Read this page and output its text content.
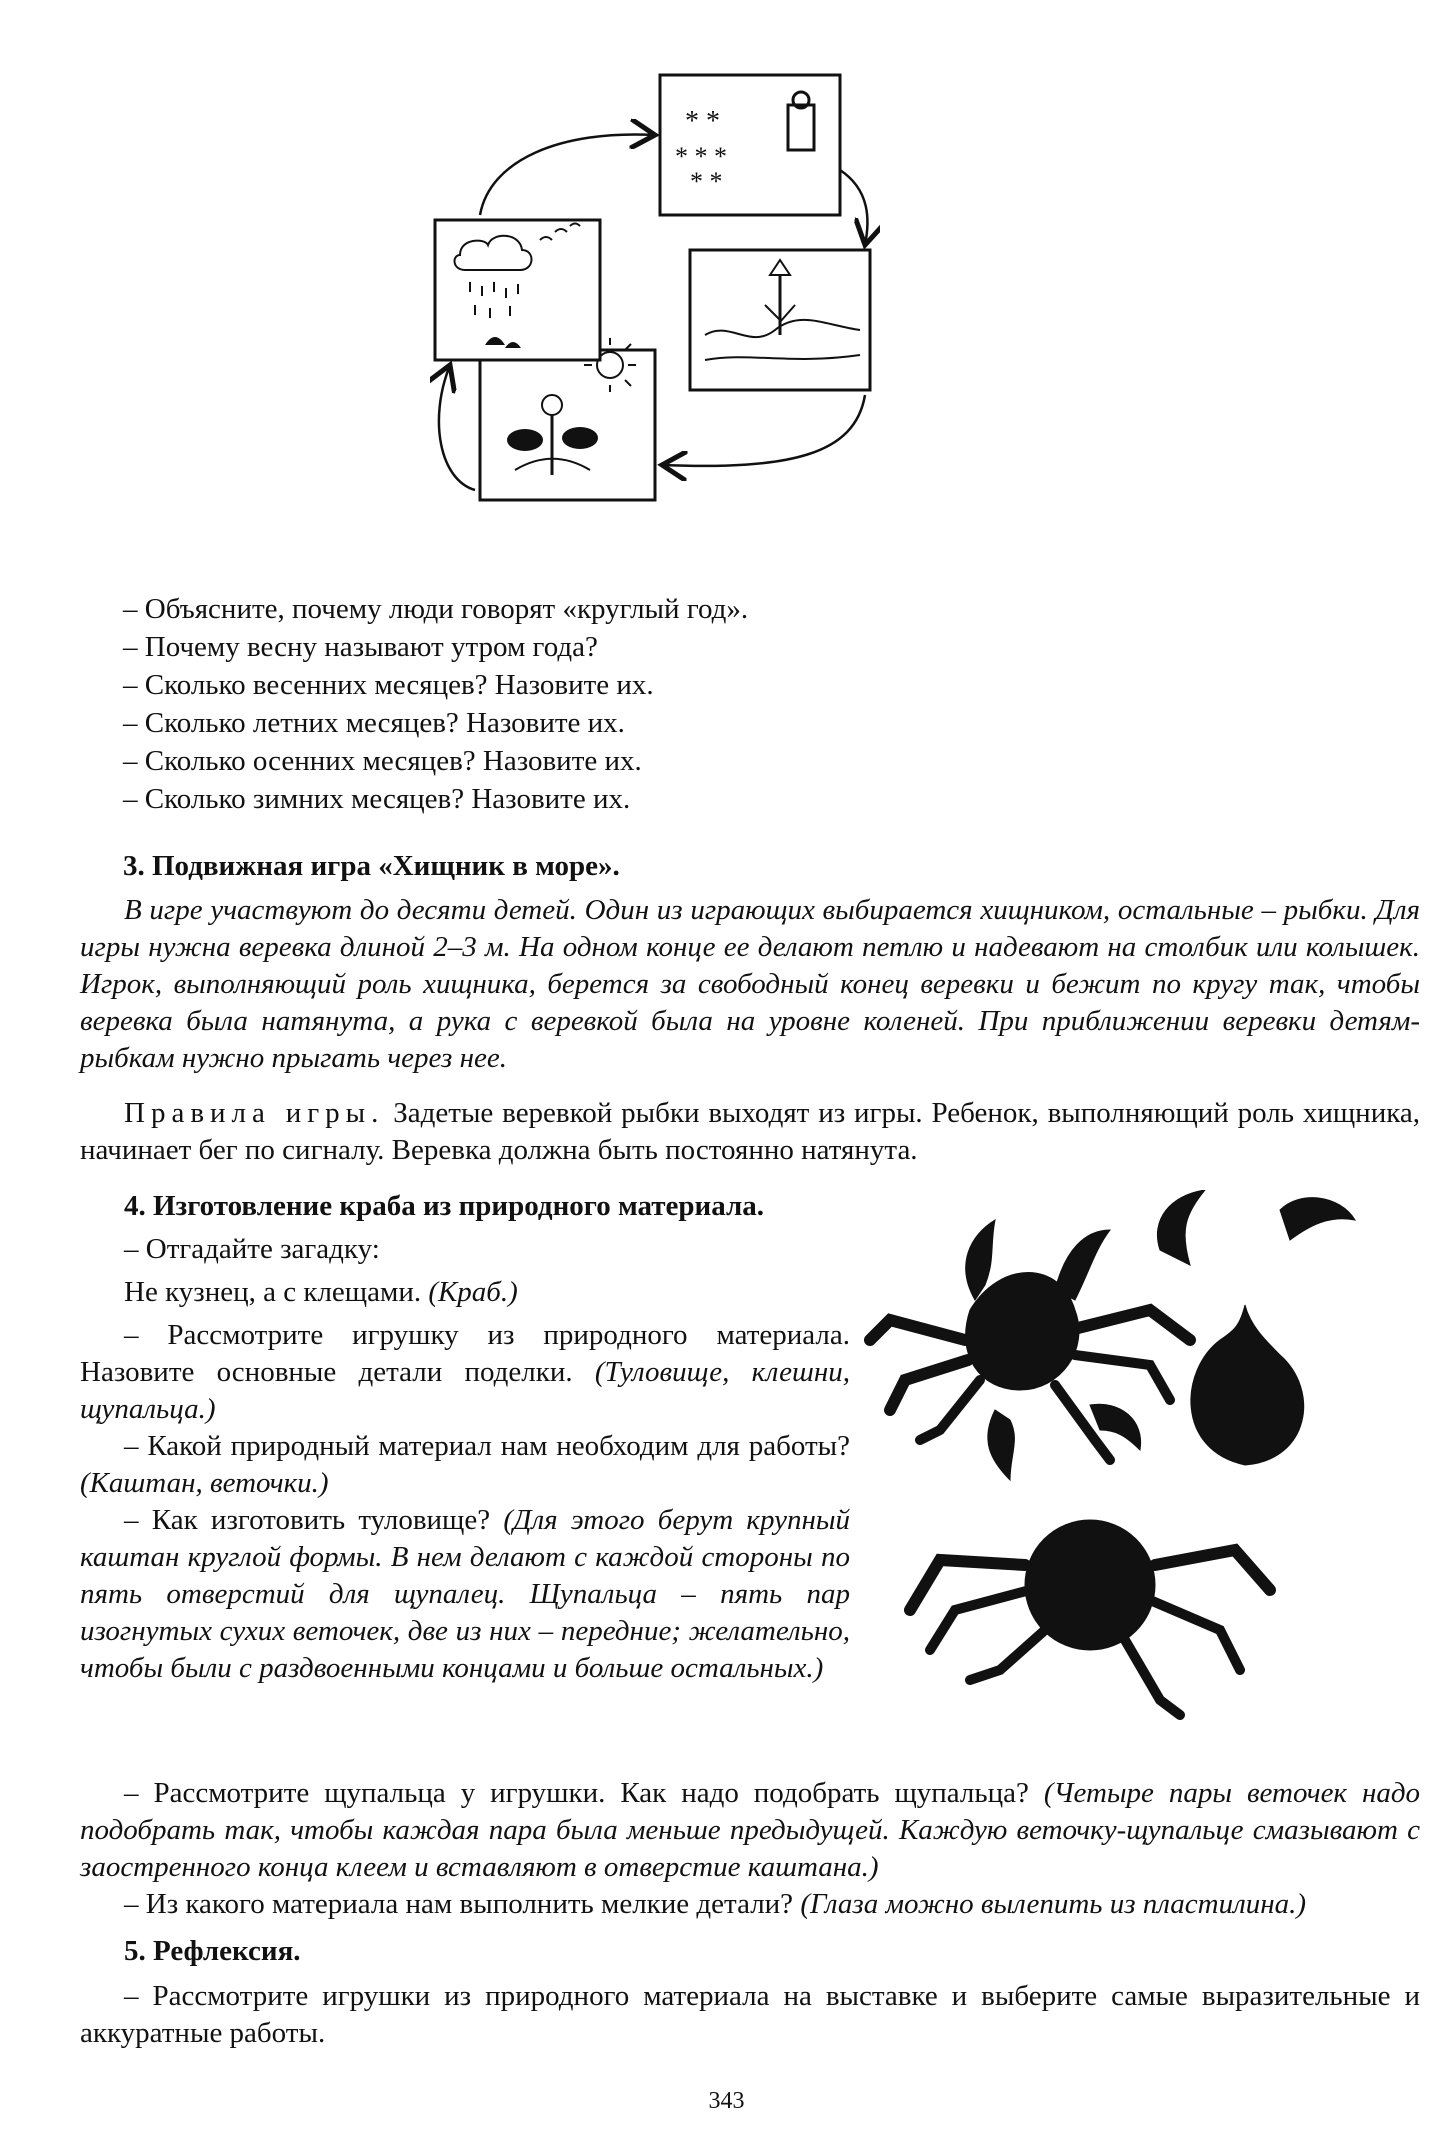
* *
* * *
* *
– Объясните, почему люди говорят «круглый год».
– Почему весну называют утром года?
– Сколько весенних месяцев? Назовите их.
– Сколько летних месяцев? Назовите их.
– Сколько осенних месяцев? Назовите их.
– Сколько зимних месяцев? Назовите их.
3. Подвижная игра «Хищник в море».
В игре участвуют до десяти детей. Один из играющих выбирается хищником, остальные – рыбки. Для игры нужна веревка длиной 2–3 м. На одном конце ее делают петлю и надевают на столбик или колышек. Игрок, выполняющий роль хищника, берется за свободный конец веревки и бежит по кругу так, чтобы веревка была натянута, а рука с веревкой была на уровне коленей. При приближении веревки детям-рыбкам нужно прыгать через нее.
Правила игры. Задетые веревкой рыбки выходят из игры. Ребенок, выполняющий роль хищника, начинает бег по сигналу. Веревка должна быть постоянно натянута.

4. Изготовление краба из природного материала.

– Отгадайте загадку:

Не кузнец, а с клещами. (Краб.)

– Рассмотрите игрушку из природного материала. Назовите основные детали поделки. (Туловище, клешни, щупальца.)

– Какой природный материал нам необходим для работы? (Каштан, веточки.)

– Как изготовить туловище? (Для этого берут крупный каштан круглой формы. В нем делают с каждой стороны по пять отверстий для щупалец. Щупальца – пять пар изогнутых сухих веточек, две из них – передние; желательно, чтобы были с раздвоенными концами и больше остальных.)

– Рассмотрите щупальца у игрушки. Как надо подобрать щупальца? (Четыре пары веточек надо подобрать так, чтобы каждая пара была меньше предыдущей. Каждую веточку-щупальце смазывают с заостренного конца клеем и вставляют в отверстие каштана.)

– Из какого материала нам выполнить мелкие детали? (Глаза можно вылепить из пластилина.)

5. Рефлексия.

– Рассмотрите игрушки из природного материала на выставке и выберите самые выразительные и аккуратные работы.

343
